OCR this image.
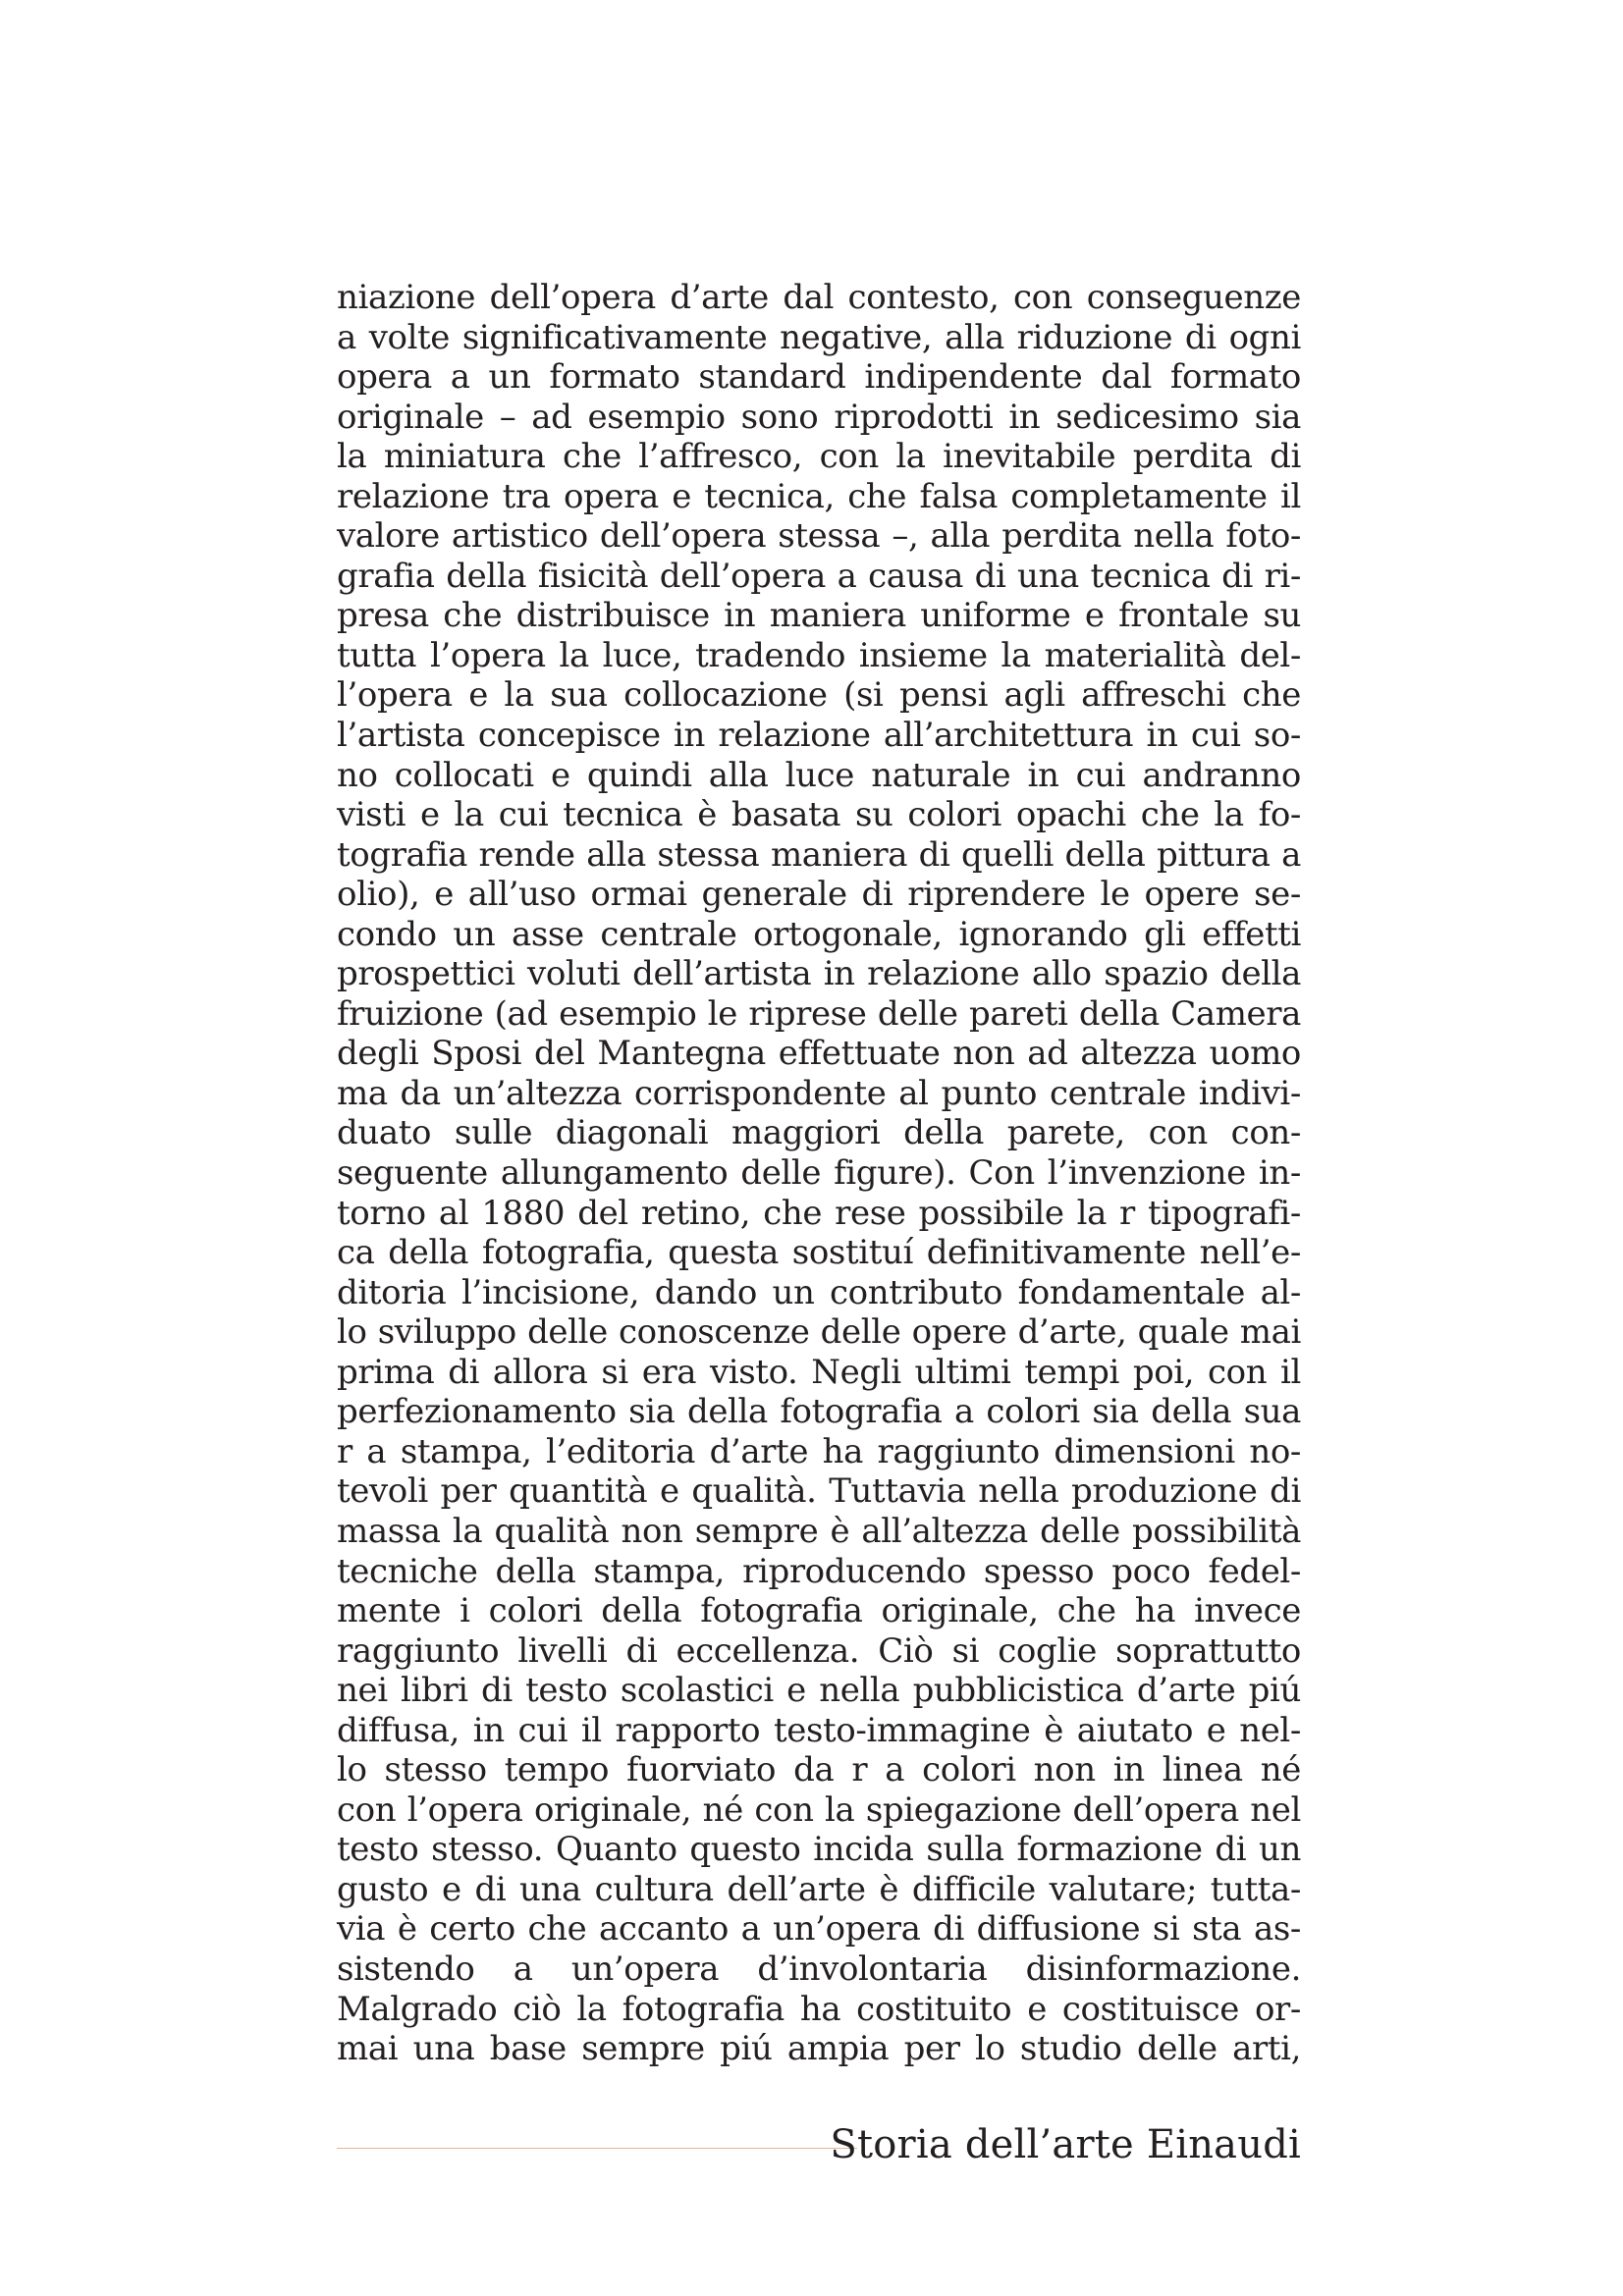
niazione dell’opera d’arte dal contesto, con conseguenze
a volte significativamente negative, alla riduzione di ogni
opera a un formato standard indipendente dal formato
originale – ad esempio sono riprodotti in sedicesimo sia
la miniatura che l’affresco, con la inevitabile perdita di
relazione tra opera e tecnica, che falsa completamente il
valore artistico dell’opera stessa –, alla perdita nella foto-
grafia della fisicità dell’opera a causa di una tecnica di ri-
presa che distribuisce in maniera uniforme e frontale su
tutta l’opera la luce, tradendo insieme la materialità del-
l’opera e la sua collocazione (si pensi agli affreschi che
l’artista concepisce in relazione all’architettura in cui so-
no collocati e quindi alla luce naturale in cui andranno
visti e la cui tecnica è basata su colori opachi che la fo-
tografia rende alla stessa maniera di quelli della pittura a
olio), e all’uso ormai generale di riprendere le opere se-
condo un asse centrale ortogonale, ignorando gli effetti
prospettici voluti dell’artista in relazione allo spazio della
fruizione (ad esempio le riprese delle pareti della Camera
degli Sposi del Mantegna effettuate non ad altezza uomo
ma da un’altezza corrispondente al punto centrale indivi-
duato sulle diagonali maggiori della parete, con con-
seguente allungamento delle figure). Con l’invenzione in-
torno al 1880 del retino, che rese possibile la r tipografi-
ca della fotografia, questa sostituí definitivamente nell’e-
ditoria l’incisione, dando un contributo fondamentale al-
lo sviluppo delle conoscenze delle opere d’arte, quale mai
prima di allora si era visto. Negli ultimi tempi poi, con il
perfezionamento sia della fotografia a colori sia della sua
r a stampa, l’editoria d’arte ha raggiunto dimensioni no-
tevoli per quantità e qualità. Tuttavia nella produzione di
massa la qualità non sempre è all’altezza delle possibilità
tecniche della stampa, riproducendo spesso poco fedel-
mente i colori della fotografia originale, che ha invece
raggiunto livelli di eccellenza. Ciò si coglie soprattutto
nei libri di testo scolastici e nella pubblicistica d’arte piú
diffusa, in cui il rapporto testo-immagine è aiutato e nel-
lo stesso tempo fuorviato da r a colori non in linea né
con l’opera originale, né con la spiegazione dell’opera nel
testo stesso. Quanto questo incida sulla formazione di un
gusto e di una cultura dell’arte è difficile valutare; tutta-
via è certo che accanto a un’opera di diffusione si sta as-
sistendo a un’opera d’involontaria disinformazione.
Malgrado ciò la fotografia ha costituito e costituisce or-
mai una base sempre piú ampia per lo studio delle arti,
Storia dell’arte Einaudi
